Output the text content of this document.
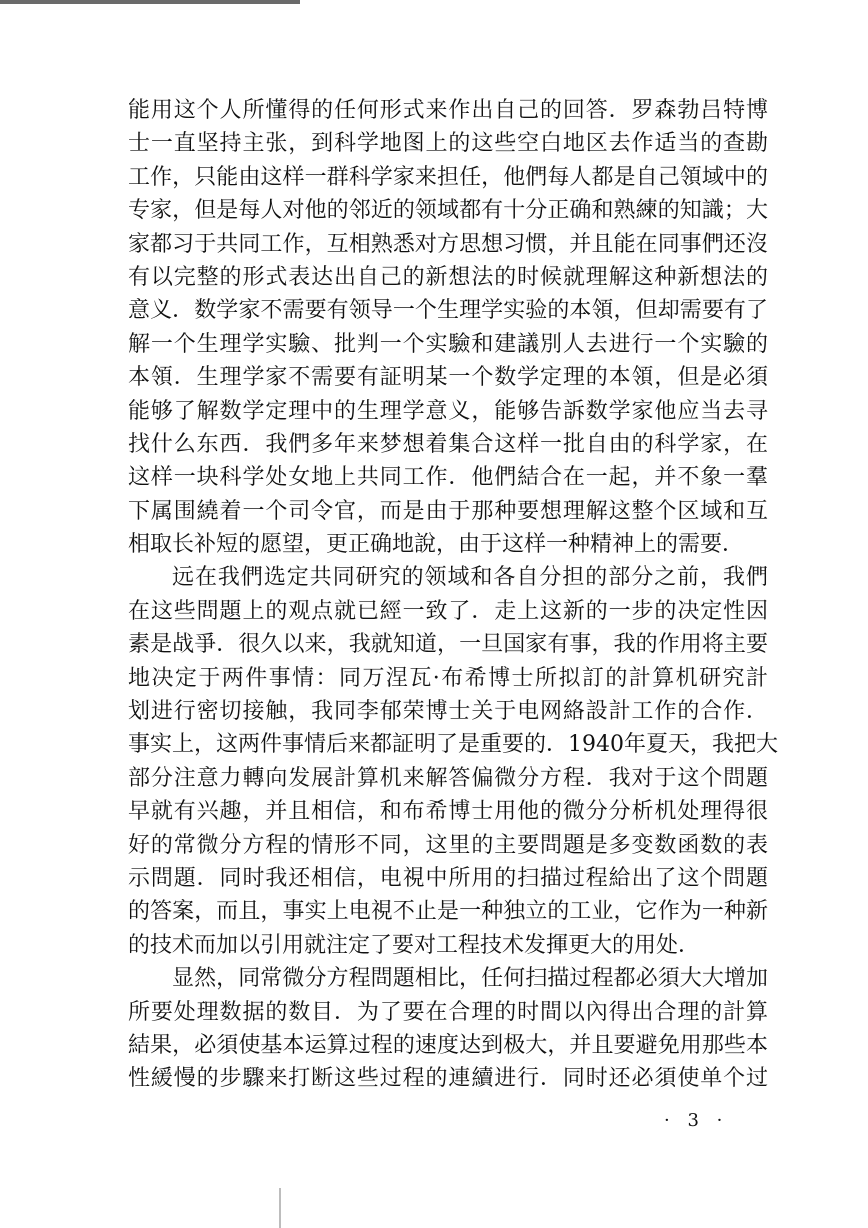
能用这个人所懂得的任何形式来作出自己的回答．罗森勃吕特博
士一直坚持主张，到科学地图上的这些空白地区去作适当的查勘
工作，只能由这样一群科学家来担任，他們每人都是自己領域中的
专家，但是每人对他的邻近的领域都有十分正确和熟練的知識；大
家都习于共同工作，互相熟悉对方思想习惯，并且能在同事們还沒
有以完整的形式表达出自己的新想法的时候就理解这种新想法的
意义．数学家不需要有领导一个生理学实验的本領，但却需要有了
解一个生理学实驗、批判一个实驗和建議別人去进行一个实驗的
本領．生理学家不需要有証明某一个数学定理的本領，但是必須
能够了解数学定理中的生理学意义，能够告訴数学家他应当去寻
找什么东西．我們多年来梦想着集合这样一批自由的科学家，在
这样一块科学处女地上共同工作．他們結合在一起，并不象一羣
下属围繞着一个司令官，而是由于那种要想理解这整个区域和互
相取长补短的愿望，更正确地說，由于这样一种精神上的需要．
远在我們选定共同研究的领域和各自分担的部分之前，我們
在这些問題上的观点就已經一致了．走上这新的一步的决定性因
素是战爭．很久以来，我就知道，一旦国家有事，我的作用将主要
地决定于两件事情：同万涅瓦·布希博士所拟訂的計算机研究計
划进行密切接触，我同李郁荣博士关于电网絡設計工作的合作．
事实上，这两件事情后来都証明了是重要的．1940年夏天，我把大
部分注意力轉向发展計算机来解答偏微分方程．我对于这个問題
早就有兴趣，并且相信，和布希博士用他的微分分析机处理得很
好的常微分方程的情形不同，这里的主要問題是多变数函数的表
示問題．同时我还相信，电視中所用的扫描过程給出了这个問題
的答案，而且，事实上电視不止是一种独立的工业，它作为一种新
的技术而加以引用就注定了要对工程技术发揮更大的用处．
显然，同常微分方程問題相比，任何扫描过程都必須大大增加
所要处理数据的数目．为了要在合理的时間以內得出合理的計算
結果，必須使基本运算过程的速度达到极大，并且要避免用那些本
性緩慢的步驟来打断这些过程的連續进行．同时还必須使单个过
· 3 ·
